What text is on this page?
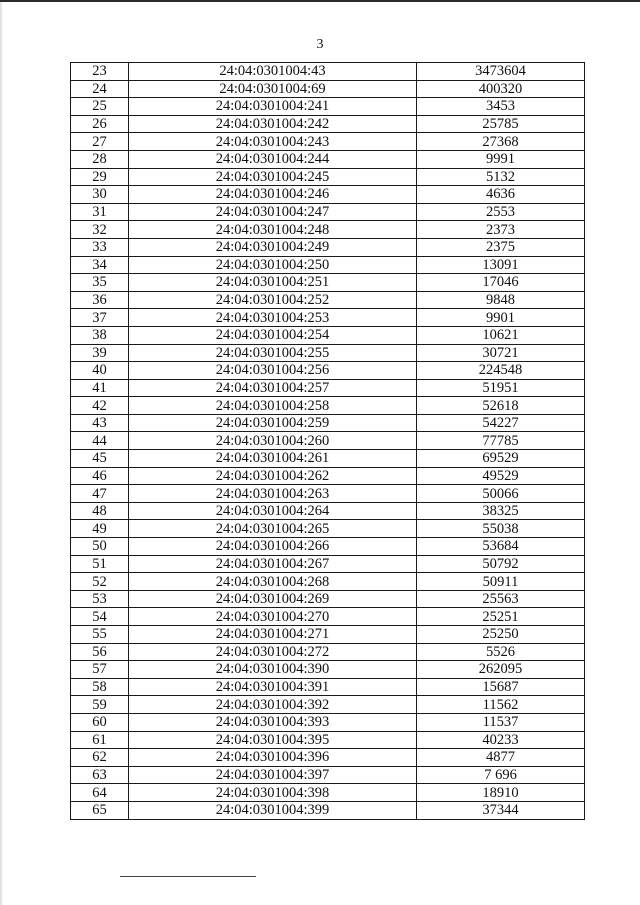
3
23	24:04:0301004:43	3473604
24	24:04:0301004:69	400320
25	24:04:0301004:241	3453
26	24:04:0301004:242	25785
27	24:04:0301004:243	27368
28	24:04:0301004:244	9991
29	24:04:0301004:245	5132
30	24:04:0301004:246	4636
31	24:04:0301004:247	2553
32	24:04:0301004:248	2373
33	24:04:0301004:249	2375
34	24:04:0301004:250	13091
35	24:04:0301004:251	17046
36	24:04:0301004:252	9848
37	24:04:0301004:253	9901
38	24:04:0301004:254	10621
39	24:04:0301004:255	30721
40	24:04:0301004:256	224548
41	24:04:0301004:257	51951
42	24:04:0301004:258	52618
43	24:04:0301004:259	54227
44	24:04:0301004:260	77785
45	24:04:0301004:261	69529
46	24:04:0301004:262	49529
47	24:04:0301004:263	50066
48	24:04:0301004:264	38325
49	24:04:0301004:265	55038
50	24:04:0301004:266	53684
51	24:04:0301004:267	50792
52	24:04:0301004:268	50911
53	24:04:0301004:269	25563
54	24:04:0301004:270	25251
55	24:04:0301004:271	25250
56	24:04:0301004:272	5526
57	24:04:0301004:390	262095
58	24:04:0301004:391	15687
59	24:04:0301004:392	11562
60	24:04:0301004:393	11537
61	24:04:0301004:395	40233
62	24:04:0301004:396	4877
63	24:04:0301004:397	7 696
64	24:04:0301004:398	18910
65	24:04:0301004:399	37344
